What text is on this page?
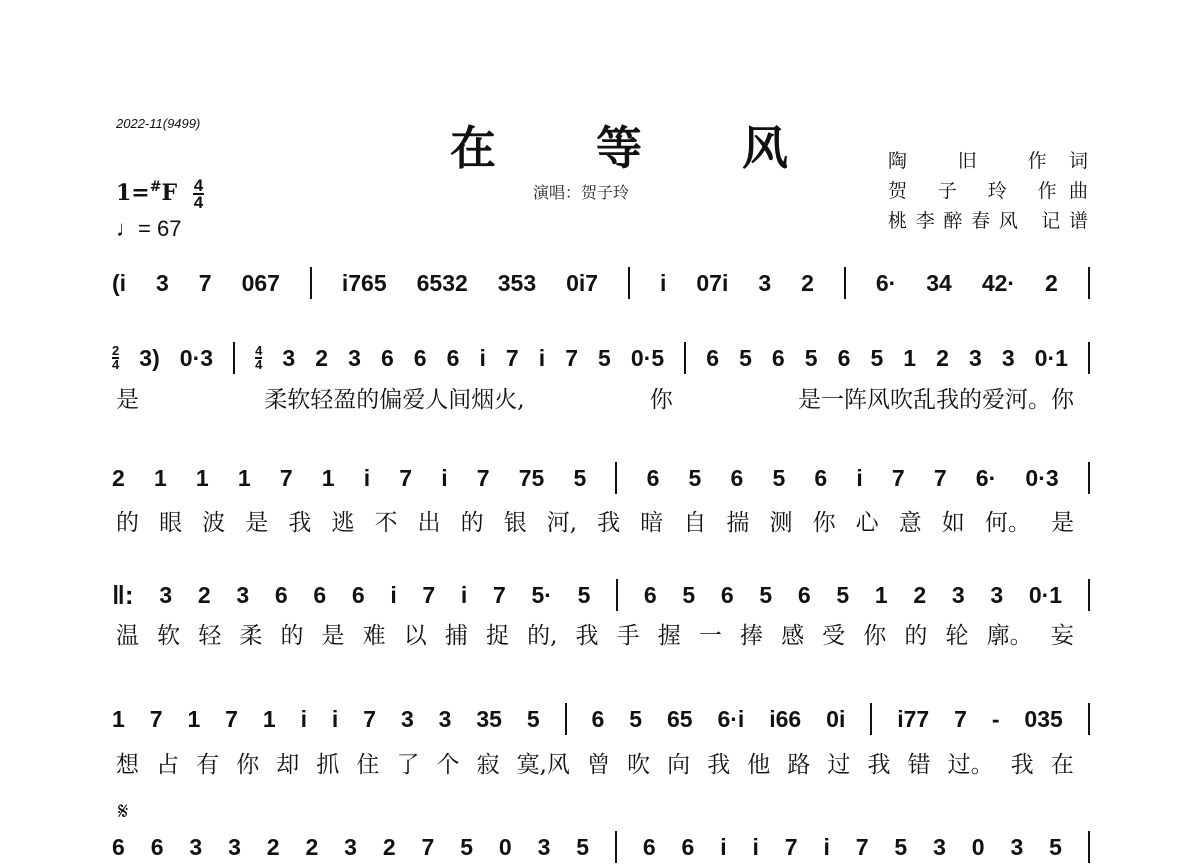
2022-11(9499)	在 等 风
演唱：贺子玲
陶 旧 作词
贺 子 玲 作曲
桃李醉春风 记谱
$1=^{\#}F \frac{4}{4}$
♩= 67
𝄋
(i 3 7 067	i765 6532 353 0i7	i 07i 3 2	6· 34 42· 2
2
4 3) 0·3	4
4 3 2 3 6 6 6 i 7 i 7 5 0·5 6 5 6 5 6 5 1 2 3 3 0·1
是	柔软轻盈的偏爱人间烟火,	你	是一阵风吹乱我的爱河。你
2 1 1 1 7 1 i 7 i 7 75 5	6 5 6 5 6 i 7 7 6· 0·3
的 眼 波 是 我 逃 不 出 的 银 河, 我 暗 自 揣 测 你 心 意 如 何。 是
‖: 3 2 3 6 6 6 i 7 i 7 5· 5 6 5 6 5 6 5 1 2 3 3 0·1
温 软 轻 柔 的 是 难 以 捕 捉 的, 我 手 握 一 捧 感 受 你 的 轮 廓。 妄
1 7 1 7 1 i i 7 3 3 35 5 6 5 65 6·i i66 0i i77 7 - 035
想 占 有 你 却 抓 住 了 个 寂 寞,风 曾 吹 向 我 他 路 过 我 错 过。 我 在
6 6 3 3 2 2 3 2 7 5 0 3 5 6 6 i i 7 i 7 5 3 0 3 5
